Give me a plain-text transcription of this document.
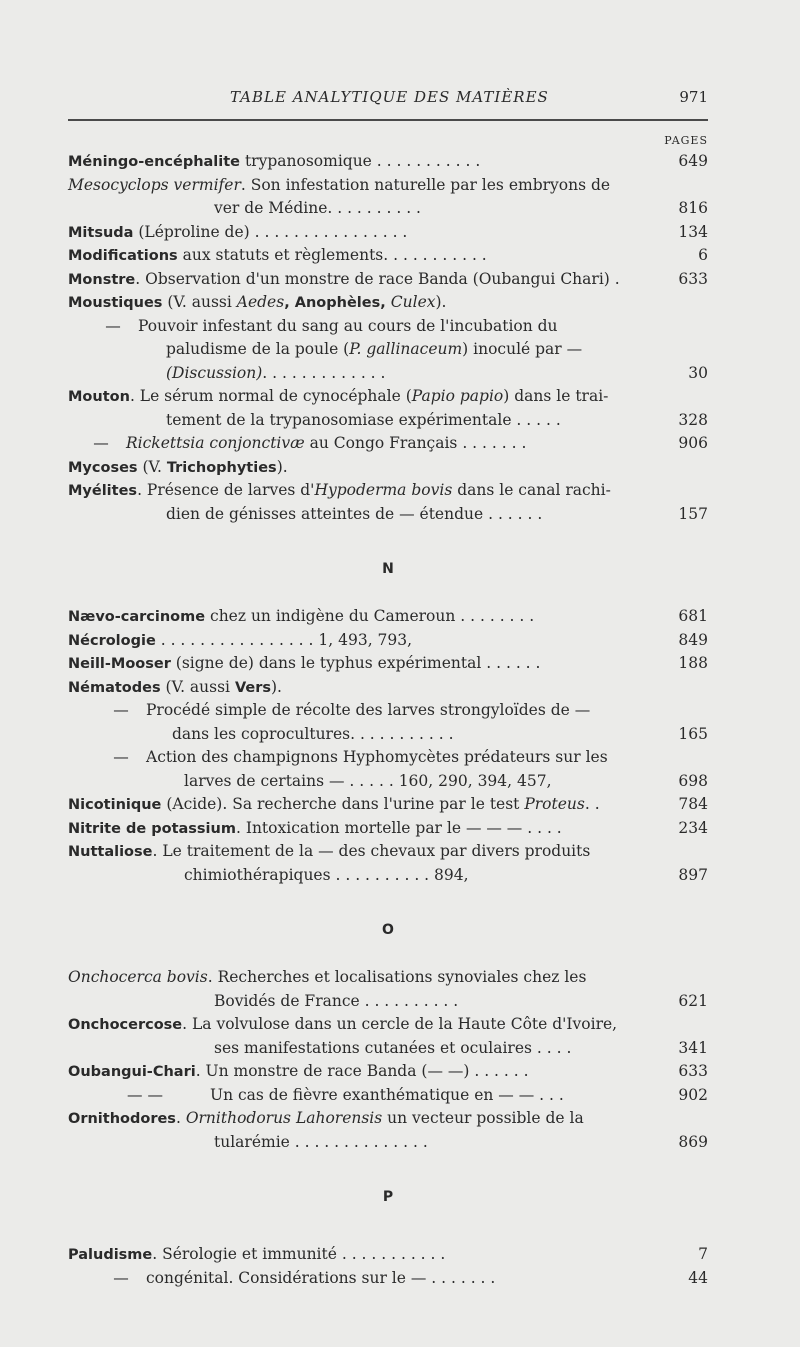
TABLE ANALYTIQUE DES MATIÈRES	971
PAGES
Méningo-encéphalite trypanosomique . . . . . . . . . . .	649
Mesocyclops vermifer. Son infestation naturelle par les embryons de
ver de Médine. . . . . . . . . .	816
Mitsuda (Léproline de) . . . . . . . . . . . . . . . .	134
Modifications aux statuts et règlements. . . . . . . . . . .	6
Monstre. Observation d'un monstre de race Banda (Oubangui Chari) .	633
Moustiques (V. aussi Aedes, Anophèles, Culex).
— Pouvoir infestant du sang au cours de l'incubation du
paludisme de la poule (P. gallinaceum) inoculé par —
(Discussion). . . . . . . . . . . . .	30
Mouton. Le sérum normal de cynocéphale (Papio papio) dans le trai-
tement de la trypanosomiase expérimentale . . . . .	328
— Rickettsia conjonctivæ au Congo Français . . . . . . .	906
Mycoses (V. Trichophyties).
Myélites. Présence de larves d'Hypoderma bovis dans le canal rachi-
dien de génisses atteintes de — étendue . . . . . .	157
N
Nævo-carcinome chez un indigène du Cameroun . . . . . . . .	681
Nécrologie . . . . . . . . . . . . . . . . 1, 493, 793,	849
Neill-Mooser (signe de) dans le typhus expérimental . . . . . .	188
Nématodes (V. aussi Vers).
— Procédé simple de récolte des larves strongyloïdes de —
dans les coprocultures. . . . . . . . . . .	165
— Action des champignons Hyphomycètes prédateurs sur les
larves de certains — . . . . . 160, 290, 394, 457,	698
Nicotinique (Acide). Sa recherche dans l'urine par le test Proteus. .	784
Nitrite de potassium. Intoxication mortelle par le — — — . . . .	234
Nuttaliose. Le traitement de la — des chevaux par divers produits
chimiothérapiques . . . . . . . . . . 894,	897
O
Onchocerca bovis. Recherches et localisations synoviales chez les
Bovidés de France . . . . . . . . . .	621
Onchocercose. La volvulose dans un cercle de la Haute Côte d'Ivoire,
ses manifestations cutanées et oculaires . . . .	341
Oubangui-Chari. Un monstre de race Banda (— —) . . . . . .	633
— —	Un cas de fièvre exanthématique en — — . . .	902
Ornithodores. Ornithodorus Lahorensis un vecteur possible de la
tularémie . . . . . . . . . . . . . .	869
P
Paludisme. Sérologie et immunité . . . . . . . . . . .	7
— congénital. Considérations sur le — . . . . . . .	44
